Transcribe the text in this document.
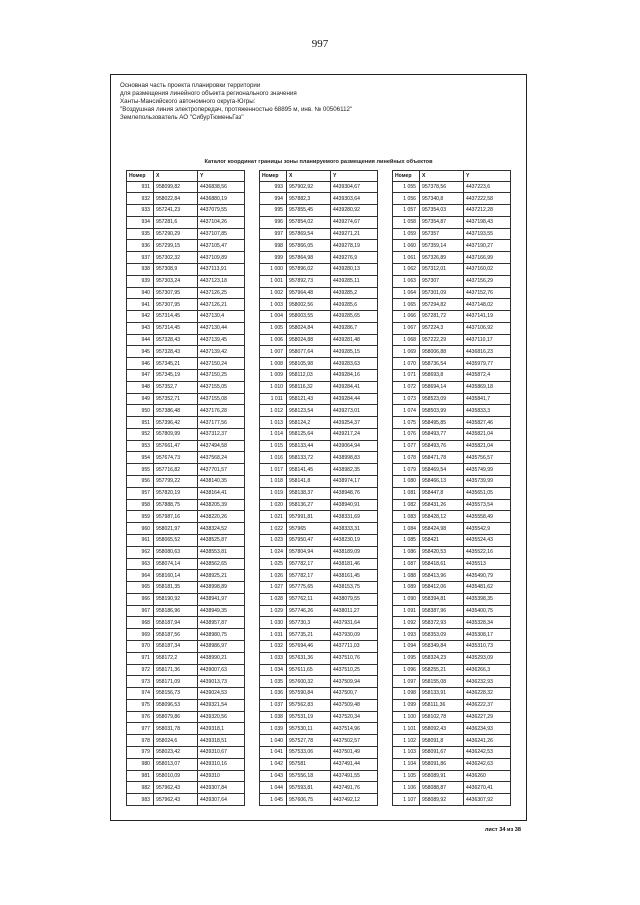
997
Основная часть проекта планировки территории
для размещения линейного объекта регионального значения
Ханты-Мансийского автономного округа-Югры:
"Воздушная линия электропередач, протяженностью 68895 м, инв. № 00506112"
Землепользователь АО "СибурТюменьГаз"
Каталог координат границы зоны планируемого размещения линейных объектов
Номер	X	Y
931	958099,82	4436838,56
932	958022,84	4436880,19
933	957241,23	4437079,55
934	957281,6	4437104,26
935	957290,29	4437107,85
936	957299,15	4437105,47
937	957302,32	4437109,89
938	957308,9	4437113,91
939	957303,24	4437123,18
940	957307,95	4437126,25
941	957307,95	4437126,21
942	957314,45	4437130,4
943	957314,45	4437130,44
944	957328,43	4437139,45
945	957328,43	4437139,42
946	957345,21	4437150,24
947	957345,19	4437150,25
948	957352,7	4437155,05
949	957352,71	4437155,08
950	957386,48	4437176,28
951	957396,42	4437177,56
952	957809,99	4437312,37
953	957661,47	4437494,58
954	957674,73	4437568,24
955	957716,82	4437701,57
956	957799,22	4438140,35
957	957820,19	4438164,41
958	957888,75	4438205,39
959	957987,16	4438220,26
960	958021,97	4438324,52
961	958065,52	4438525,87
962	958080,63	4438553,81
963	958074,14	4438562,65
964	958160,14	4438925,21
965	958181,35	4438998,89
966	958190,92	4438941,97
967	958186,96	4438949,35
968	958187,94	4438957,87
969	958187,56	4438980,75
970	958187,34	4438986,97
971	958172,2	4438990,21
972	958171,36	4439007,63
973	958171,09	4439013,73
974	958156,73	4439024,53
975	958096,53	4439321,54
976	958079,86	4439320,56
977	958031,78	4439318,1
978	958024,6	4439318,51
979	958023,42	4439310,67
980	958013,07	4439310,16
981	958010,09	4439310
982	957962,43	4439307,84
983	957962,43	4439307,64
Номер	X	Y
993	957902,92	4439304,67
994	957882,3	4439303,64
995	957855,45	4439280,92
996	957854,02	4439274,67
997	957869,54	4439271,21
998	957866,05	4439278,19
999	957864,98	4439276,9
1 000	957896,02	4439280,13
1 001	957892,73	4439285,11
1 002	957964,48	4439285,2
1 003	958002,56	4439285,6
1 004	958003,55	4439285,65
1 005	958024,84	4439286,7
1 006	958024,88	4439281,48
1 007	958077,64	4439285,15
1 008	958105,98	4439283,63
1 009	958112,03	4439284,16
1 010	958116,32	4439284,41
1 011	958121,43	4439284,44
1 012	958123,54	4439273,01
1 013	958124,2	4439254,37
1 014	958125,64	4439217,24
1 015	958133,44	4439064,94
1 016	958133,72	4438998,83
1 017	958141,45	4438982,35
1 018	958141,8	4438974,17
1 019	958138,37	4438948,76
1 020	958136,27	4438940,91
1 021	957991,81	4438331,69
1 022	957965	4438333,31
1 023	957950,47	4438230,19
1 024	957804,94	4438189,09
1 025	957782,17	4438181,46
1 026	957782,17	4438161,45
1 027	957775,65	4438153,75
1 028	957762,11	4438079,55
1 029	957746,26	4438011,27
1 030	957730,3	4437931,64
1 031	957735,21	4437930,09
1 032	957694,46	4437711,03
1 033	957631,36	4437510,76
1 034	957611,65	4437510,25
1 035	957600,32	4437509,94
1 036	957590,84	4437500,7
1 037	957562,83	4437509,48
1 038	957531,19	4437520,34
1 039	957530,11	4437514,96
1 040	957527,78	4437502,57
1 041	957533,06	4437501,49
1 042	957581	4437491,44
1 043	957556,18	4437491,55
1 044	957593,81	4437491,76
1 045	957606,75	4437492,12
Номер	X	Y
1 055	957378,56	4437223,6
1 056	957340,8	4437222,58
1 057	957354,03	4437212,28
1 058	957354,87	4437198,43
1 059	957357	4437193,55
1 060	957359,14	4437190,27
1 061	957326,89	4437166,99
1 062	957312,01	4437160,02
1 063	957307	4437156,29
1 064	957301,09	4437152,76
1 065	957294,82	4437148,02
1 066	957281,72	4437141,19
1 067	957224,3	4437106,92
1 068	957222,29	4437110,17
1 069	958006,88	4436816,23
1 070	958736,54	4435979,77
1 071	958693,8	4435872,4
1 072	958694,14	4435869,18
1 073	958523,09	4435841,7
1 074	958503,99	4435833,3
1 075	958495,85	4435827,46
1 076	958493,77	4435821,04
1 077	958493,76	4435821,04
1 078	958471,78	4435756,57
1 079	958469,54	4435749,99
1 080	958466,13	4435739,99
1 081	958447,8	4435651,05
1 082	958431,26	4435573,54
1 083	958428,12	4435558,49
1 084	958424,98	4435542,9
1 085	958421	4435524,43
1 086	958420,53	4435522,16
1 087	958418,61	4435513
1 088	958413,96	4435490,79
1 089	958412,06	4435481,62
1 090	958394,81	4435398,35
1 091	958387,96	4435400,75
1 092	958372,93	4435328,34
1 093	958353,09	4435308,17
1 094	958349,84	4435310,73
1 095	958324,23	4435293,09
1 096	958255,21	4436266,3
1 097	958155,08	4436232,93
1 098	958133,91	4436228,32
1 099	958111,36	4436222,37
1 100	958102,78	4436227,29
1 101	958092,43	4436234,93
1 102	958091,8	4436241,26
1 103	958091,67	4436242,53
1 104	958091,86	4436242,63
1 105	958089,91	4436260
1 106	958088,87	4436270,41
1 107	958089,92	4436307,92
лист 34 из 38
